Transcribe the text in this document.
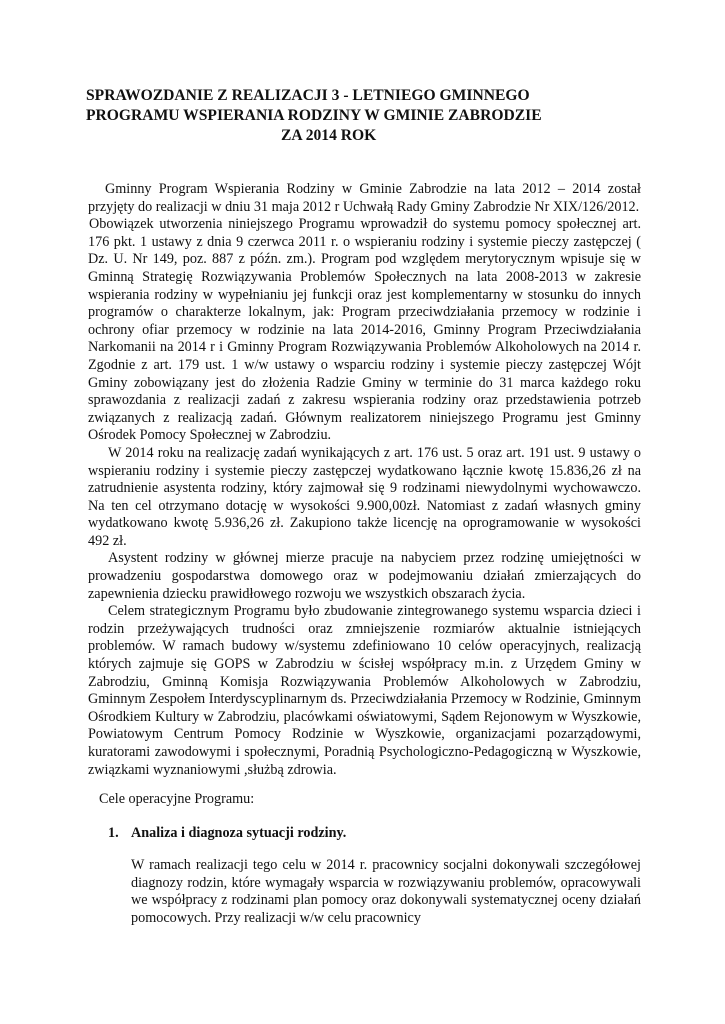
SPRAWOZDANIE Z REALIZACJI 3 - LETNIEGO GMINNEGO
PROGRAMU WSPIERANIA RODZINY W GMINIE ZABRODZIE
ZA 2014 ROK

Gminny Program Wspierania Rodziny w Gminie Zabrodzie na lata 2012 – 2014 został przyjęty do realizacji w dniu 31 maja 2012 r Uchwałą Rady Gminy Zabrodzie Nr XIX/126/2012.

Obowiązek utworzenia niniejszego Programu wprowadził do systemu pomocy społecznej art. 176 pkt. 1 ustawy z dnia 9 czerwca 2011 r. o wspieraniu rodziny i systemie pieczy zastępczej ( Dz. U. Nr 149, poz. 887 z późn. zm.). Program pod względem merytorycznym wpisuje się w Gminną Strategię Rozwiązywania Problemów Społecznych na lata 2008-2013 w zakresie wspierania rodziny w wypełnianiu jej funkcji oraz jest komplementarny w stosunku do innych programów o charakterze lokalnym, jak: Program przeciwdziałania przemocy w rodzinie i ochrony ofiar przemocy w rodzinie na lata 2014-2016, Gminny Program Przeciwdziałania Narkomanii na 2014 r i Gminny Program Rozwiązywania Problemów Alkoholowych na 2014 r. Zgodnie z art. 179 ust. 1 w/w ustawy o wsparciu rodziny i systemie pieczy zastępczej Wójt Gminy zobowiązany jest do złożenia Radzie Gminy w terminie do 31 marca każdego roku sprawozdania z realizacji zadań z zakresu wspierania rodziny oraz przedstawienia potrzeb związanych z realizacją zadań. Głównym realizatorem niniejszego Programu jest Gminny Ośrodek Pomocy Społecznej w Zabrodziu.

W 2014 roku na realizację zadań wynikających z art. 176 ust. 5 oraz art. 191 ust. 9 ustawy o wspieraniu rodziny i systemie pieczy zastępczej wydatkowano łącznie kwotę 15.836,26 zł na zatrudnienie asystenta rodziny, który zajmował się 9 rodzinami niewydolnymi wychowawczo. Na ten cel otrzymano dotację w wysokości 9.900,00zł. Natomiast z zadań własnych gminy wydatkowano kwotę 5.936,26 zł. Zakupiono także licencję na oprogramowanie w wysokości 492 zł.

Asystent rodziny w głównej mierze pracuje na nabyciem przez rodzinę umiejętności w prowadzeniu gospodarstwa domowego oraz w podejmowaniu działań zmierzających do zapewnienia dziecku prawidłowego rozwoju we wszystkich obszarach życia.

Celem strategicznym Programu było zbudowanie zintegrowanego systemu wsparcia dzieci i rodzin przeżywających trudności oraz zmniejszenie rozmiarów aktualnie istniejących problemów. W ramach budowy w/systemu zdefiniowano 10 celów operacyjnych, realizacją których zajmuje się GOPS w Zabrodziu w ścisłej współpracy m.in. z Urzędem Gminy w Zabrodziu, Gminną Komisja Rozwiązywania Problemów Alkoholowych w Zabrodziu, Gminnym Zespołem Interdyscyplinarnym ds. Przeciwdziałania Przemocy w Rodzinie, Gminnym Ośrodkiem Kultury w Zabrodziu, placówkami oświatowymi, Sądem Rejonowym w Wyszkowie, Powiatowym Centrum Pomocy Rodzinie w Wyszkowie, organizacjami pozarządowymi, kuratorami zawodowymi i społecznymi, Poradnią Psychologiczno-Pedagogiczną w Wyszkowie, związkami wyznaniowymi ,służbą zdrowia.

Cele operacyjne Programu:
1. Analiza i diagnoza sytuacji rodziny.

W ramach realizacji tego celu w 2014 r. pracownicy socjalni dokonywali szczegółowej diagnozy rodzin, które wymagały wsparcia w rozwiązywaniu problemów, opracowywali we współpracy z rodzinami plan pomocy oraz dokonywali systematycznej oceny działań pomocowych. Przy realizacji w/w celu pracownicy
